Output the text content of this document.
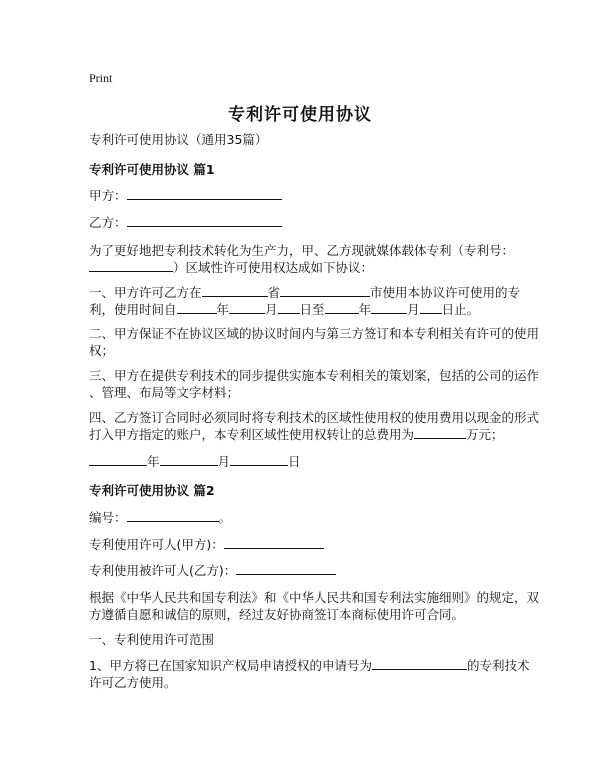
Print
专利许可使用协议
专利许可使用协议（通用35篇）
专利许可使用协议 篇1
甲方：
乙方：
为了更好地把专利技术转化为生产力，甲、乙方现就媒体载体专利（专利号：
）区域性许可使用权达成如下协议：
一、甲方许可乙方在	省	市使用本协议许可使用的专
利，使用时间自	年	月 日至	年	月 日止。
二、甲方保证不在协议区域的协议时间内与第三方签订和本专利相关有许可的使用
权；
三、甲方在提供专利技术的同步提供实施本专利相关的策划案，包括的公司的运作
、管理、布局等文字材料；
四、乙方签订合同时必须同时将专利技术的区域性使用权的使用费用以现金的形式
打入甲方指定的账户，本专利区域性使用权转让的总费用为	万元；
年	月	日
专利许可使用协议 篇2
编号：	。
专利使用许可人(甲方)：
专利使用被许可人(乙方)：
根据《中华人民共和国专利法》和《中华人民共和国专利法实施细则》的规定，双
方遵循自愿和诚信的原则，经过友好协商签订本商标使用许可合同。
一、专利使用许可范围
1、甲方将已在国家知识产权局申请授权的申请号为	的专利技术
许可乙方使用。
